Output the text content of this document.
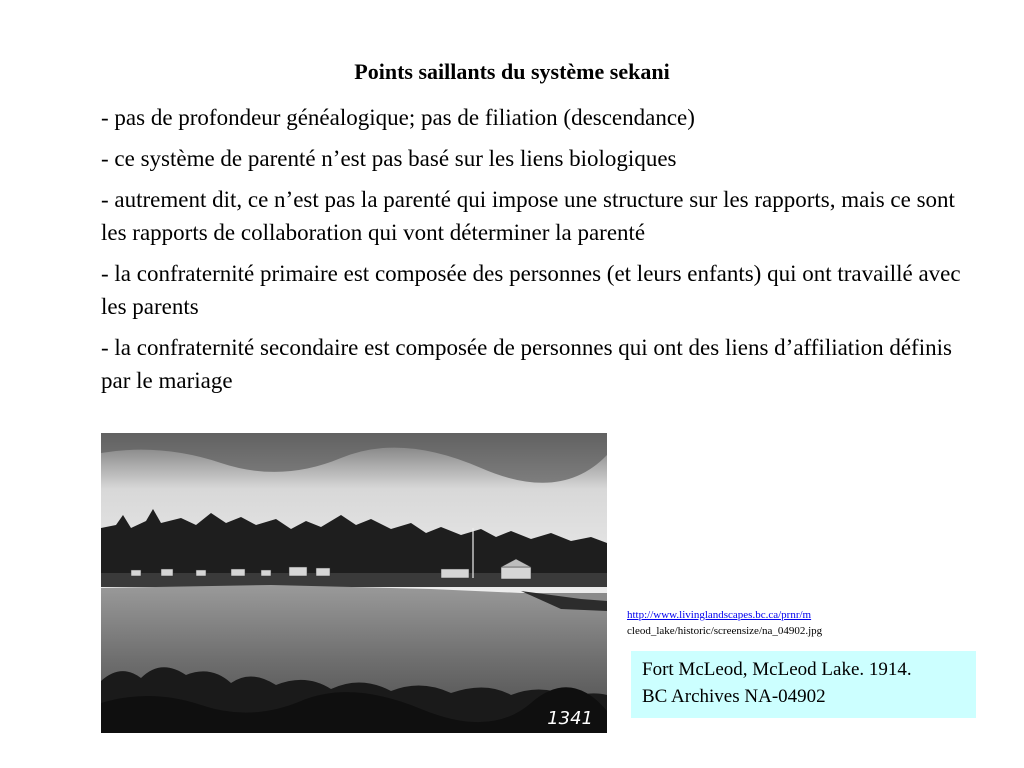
Points saillants du système sekani
- pas de profondeur généalogique; pas de filiation (descendance)
- ce système de parenté n’est pas basé sur les liens biologiques
- autrement dit, ce n’est pas la parenté qui impose une structure sur les rapports, mais ce sont les rapports de collaboration qui vont déterminer la parenté
- la confraternité primaire est composée des personnes (et leurs enfants) qui ont travaillé avec les parents
- la confraternité secondaire est composée de personnes qui ont des liens d’affiliation définis par le mariage
1341
http://www.livinglandscapes.bc.ca/prnr/m
cleod_lake/historic/screensize/na_04902.jpg
Fort McLeod, McLeod Lake. 1914.
BC Archives NA-04902
